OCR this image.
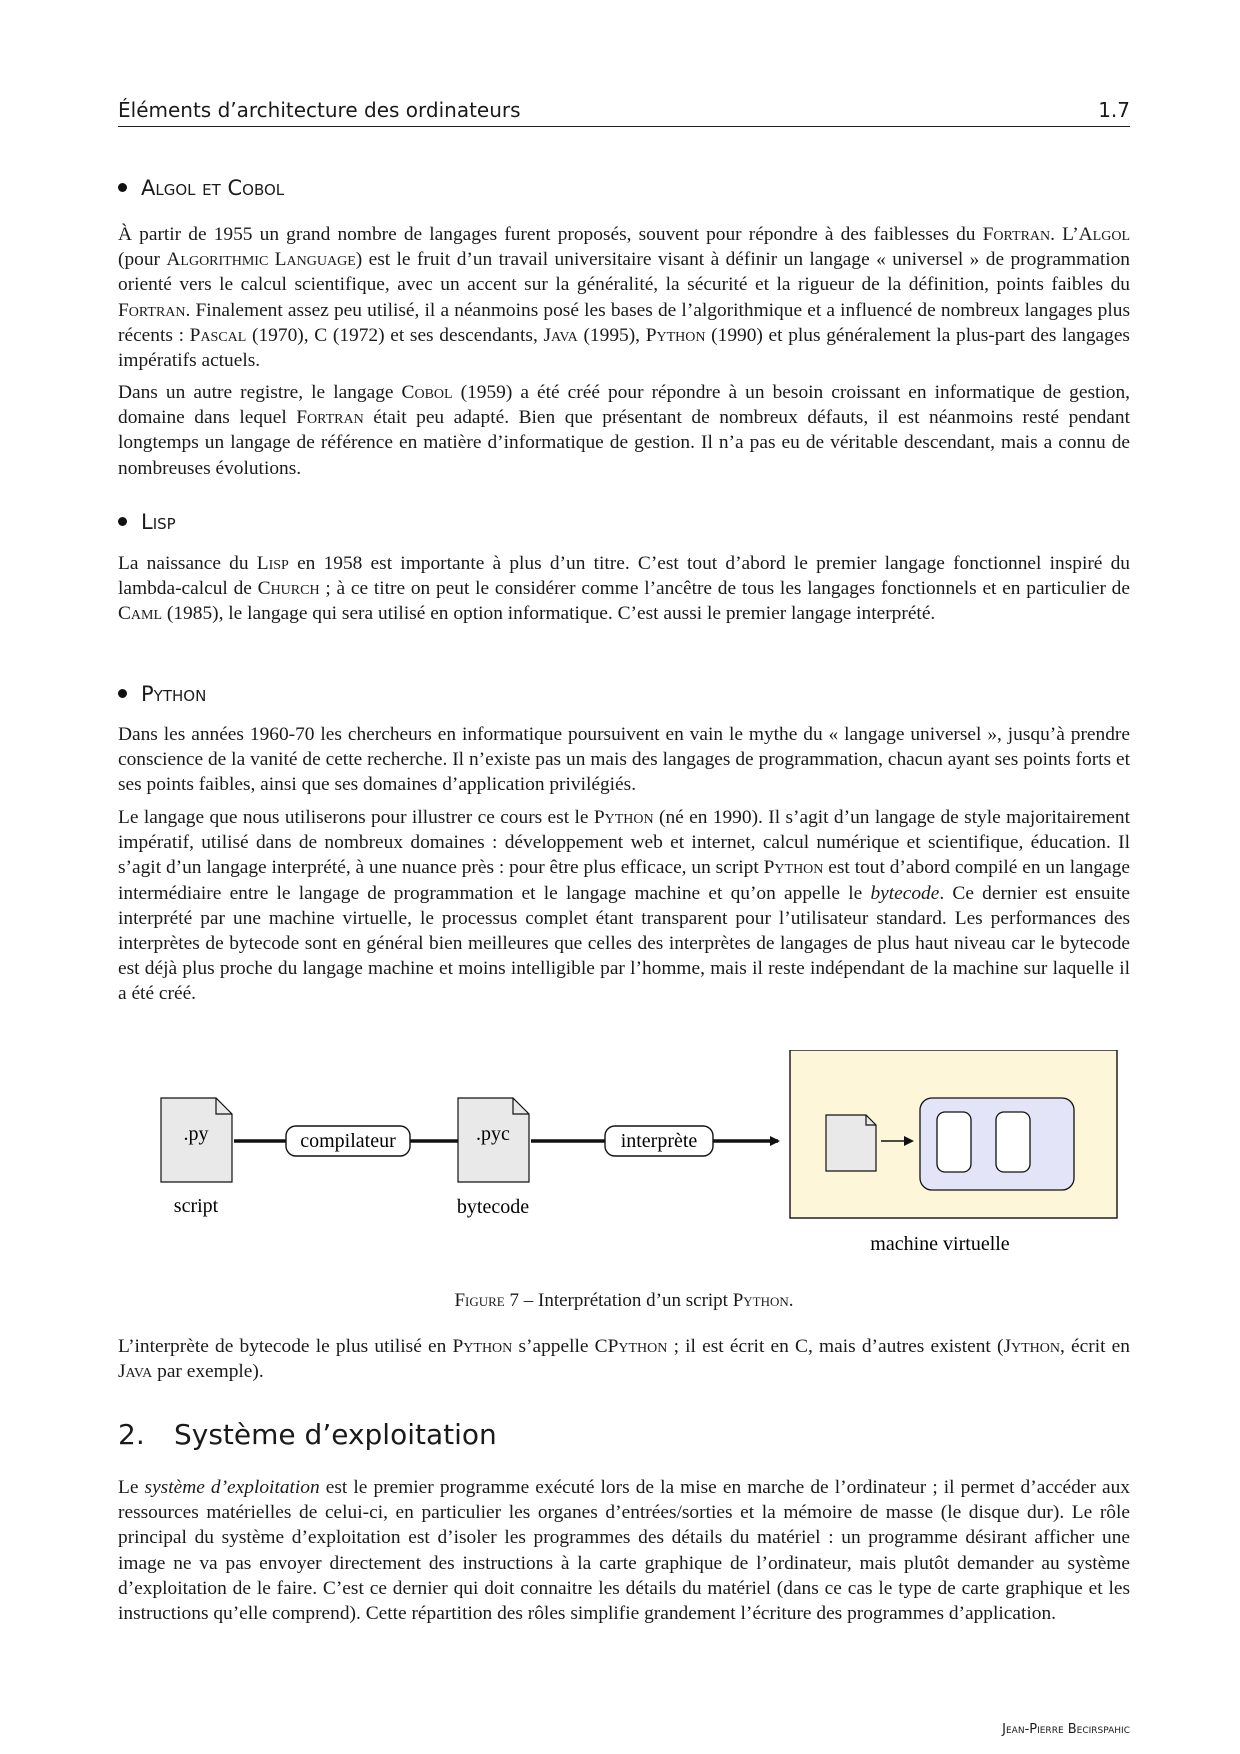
Éléments d’architecture des ordinateurs	1.7
Algol et Cobol

À partir de 1955 un grand nombre de langages furent proposés, souvent pour répondre à des faiblesses du Fortran. L’Algol (pour Algorithmic Language) est le fruit d’un travail universitaire visant à définir un langage « universel » de programmation orienté vers le calcul scientifique, avec un accent sur la généralité, la sécurité et la rigueur de la définition, points faibles du Fortran. Finalement assez peu utilisé, il a néanmoins posé les bases de l’algorithmique et a influencé de nombreux langages plus récents : Pascal (1970), C (1972) et ses descendants, Java (1995), Python (1990) et plus généralement la plus-part des langages impératifs actuels.

Dans un autre registre, le langage Cobol (1959) a été créé pour répondre à un besoin croissant en informatique de gestion, domaine dans lequel Fortran était peu adapté. Bien que présentant de nombreux défauts, il est néanmoins resté pendant longtemps un langage de référence en matière d’informatique de gestion. Il n’a pas eu de véritable descendant, mais a connu de nombreuses évolutions.

Lisp

La naissance du Lisp en 1958 est importante à plus d’un titre. C’est tout d’abord le premier langage fonctionnel inspiré du lambda-calcul de Church ; à ce titre on peut le considérer comme l’ancêtre de tous les langages fonctionnels et en particulier de Caml (1985), le langage qui sera utilisé en option informatique. C’est aussi le premier langage interprété.

Python

Dans les années 1960-70 les chercheurs en informatique poursuivent en vain le mythe du « langage universel », jusqu’à prendre conscience de la vanité de cette recherche. Il n’existe pas un mais des langages de programmation, chacun ayant ses points forts et ses points faibles, ainsi que ses domaines d’application privilégiés.

Le langage que nous utiliserons pour illustrer ce cours est le Python (né en 1990). Il s’agit d’un langage de style majoritairement impératif, utilisé dans de nombreux domaines : développement web et internet, calcul numérique et scientifique, éducation. Il s’agit d’un langage interprété, à une nuance près : pour être plus efficace, un script Python est tout d’abord compilé en un langage intermédiaire entre le langage de programmation et le langage machine et qu’on appelle le bytecode. Ce dernier est ensuite interprété par une machine virtuelle, le processus complet étant transparent pour l’utilisateur standard. Les performances des interprètes de bytecode sont en général bien meilleures que celles des interprètes de langages de plus haut niveau car le bytecode est déjà plus proche du langage machine et moins intelligible par l’homme, mais il reste indépendant de la machine sur laquelle il a été créé.

.py
script
compilateur	.pyc
bytecode
interprète
machine virtuelle
Figure 7 – Interprétation d’un script Python.

L’interprète de bytecode le plus utilisé en Python s’appelle CPython ; il est écrit en C, mais d’autres existent (Jython, écrit en Java par exemple).

2. Système d’exploitation

Le système d’exploitation est le premier programme exécuté lors de la mise en marche de l’ordinateur ; il permet d’accéder aux ressources matérielles de celui-ci, en particulier les organes d’entrées/sorties et la mémoire de masse (le disque dur). Le rôle principal du système d’exploitation est d’isoler les programmes des détails du matériel : un programme désirant afficher une image ne va pas envoyer directement des instructions à la carte graphique de l’ordinateur, mais plutôt demander au système d’exploitation de le faire. C’est ce dernier qui doit connaitre les détails du matériel (dans ce cas le type de carte graphique et les instructions qu’elle comprend). Cette répartition des rôles simplifie grandement l’écriture des programmes d’application.

Jean-Pierre Becirspahic
